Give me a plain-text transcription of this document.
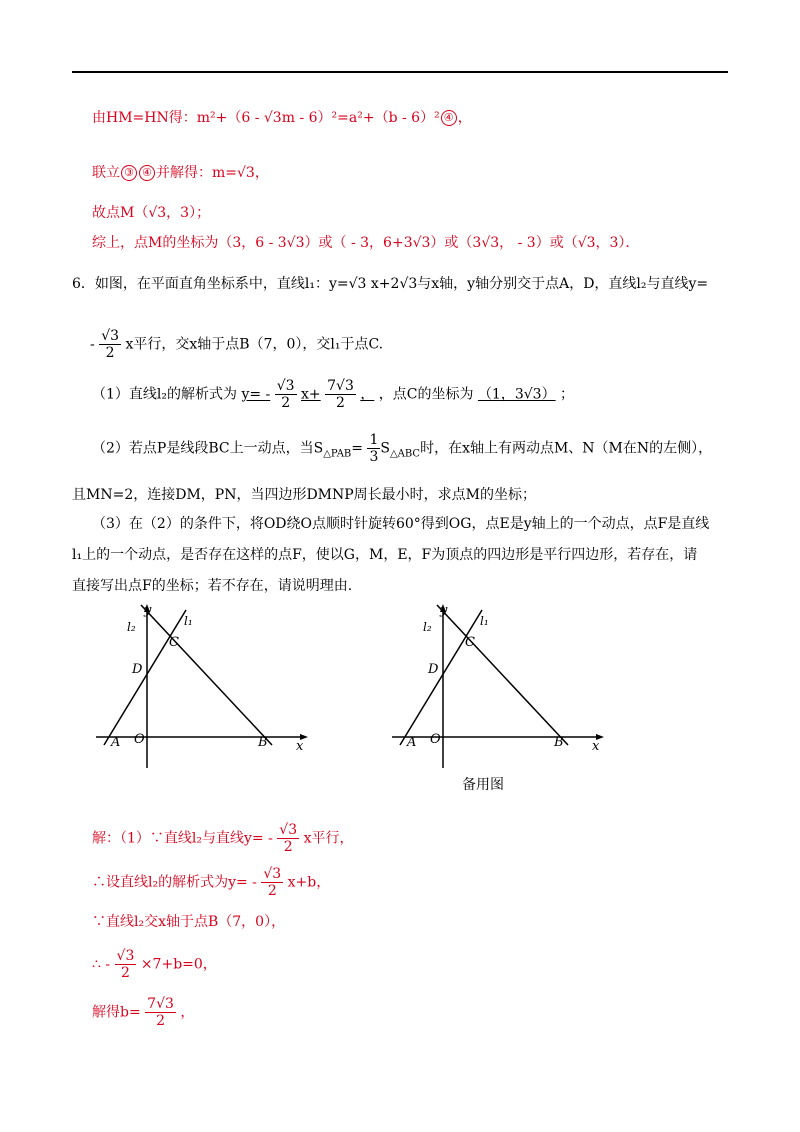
由HM=HN得：m²+（6 - √3m - 6）²=a²+（b - 6）² ④ ，
联立 ③ ④ 并解得：m=√3，
故点M（√3，3）；
综上，点M的坐标为（3，6 - 3√3）或（ - 3，6+3√3）或（3√3， - 3）或（√3，3）．
6．如图，在平面直角坐标系中，直线l₁：y=√3 x+2√3与x轴，y轴分别交于点A，D，直线l₂与直线y=
- $\frac{√3}{2}$ x平行，交x轴于点B（7，0），交l₁于点C.
（1）直线l₂的解析式为 $y= - \frac{√3}{2} x+ \frac{7√3}{2}$ ， ，点C的坐标为 （1，3√3） ；
（2）若点P是线段BC上一动点，当$S_{\triangle PAB}= \frac{1}{3} S_{\triangle ABC}$时，在x轴上有两动点M、N（M在N的左侧），
且MN=2，连接DM，PN，当四边形DMNP周长最小时，求点M的坐标；
（3）在（2）的条件下，将OD绕O点顺时针旋转60°得到OG，点E是y轴上的一个动点，点F是直线
l₁上的一个动点，是否存在这样的点F，使以G，M，E，F为顶点的四边形是平行四边形，若存在，请
直接写出点F的坐标；若不存在，请说明理由.
y
x
l₁
l₂
C
D
A O	B
y
x
l₁
l₂
C
D
A O	B
备用图
解：（1）∵直线l₂与直线$y= - \frac{√3}{2}$ x平行，
∴设直线l₂的解析式为$y= - \frac{√3}{2} x+b$，
∵直线l₂交x轴于点B（7，0），
∴ - $\frac{√3}{2} \times 7+b=0$，
解得$b= \frac{7√3}{2}$ ，
